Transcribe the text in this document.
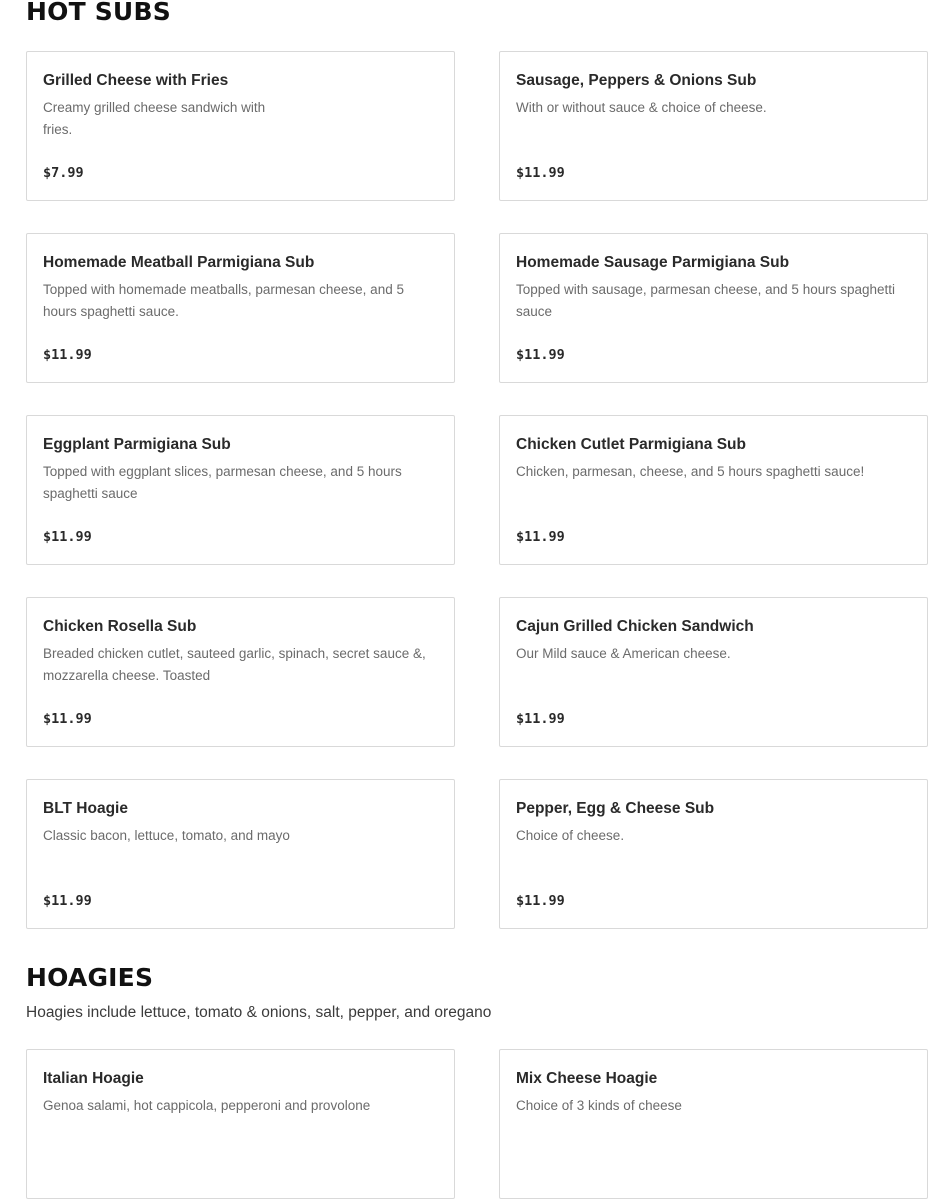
HOT SUBS

Grilled Cheese with Fries

Creamy grilled cheese sandwich with fries.

$7.99

Sausage, Peppers & Onions Sub

With or without sauce & choice of cheese.

$11.99

Homemade Meatball Parmigiana Sub

Topped with homemade meatballs, parmesan cheese, and 5 hours spaghetti sauce.

$11.99

Homemade Sausage Parmigiana Sub

Topped with sausage, parmesan cheese, and 5 hours spaghetti sauce

$11.99

Eggplant Parmigiana Sub

Topped with eggplant slices, parmesan cheese, and 5 hours spaghetti sauce

$11.99

Chicken Cutlet Parmigiana Sub

Chicken, parmesan, cheese, and 5 hours spaghetti sauce!

$11.99

Chicken Rosella Sub

Breaded chicken cutlet, sauteed garlic, spinach, secret sauce &, mozzarella cheese. Toasted

$11.99

Cajun Grilled Chicken Sandwich

Our Mild sauce & American cheese.

$11.99

BLT Hoagie

Classic bacon, lettuce, tomato, and mayo

$11.99

Pepper, Egg & Cheese Sub

Choice of cheese.

$11.99

HOAGIES

Hoagies include lettuce, tomato & onions, salt, pepper, and oregano

Italian Hoagie

Genoa salami, hot cappicola, pepperoni and provolone

Mix Cheese Hoagie

Choice of 3 kinds of cheese
